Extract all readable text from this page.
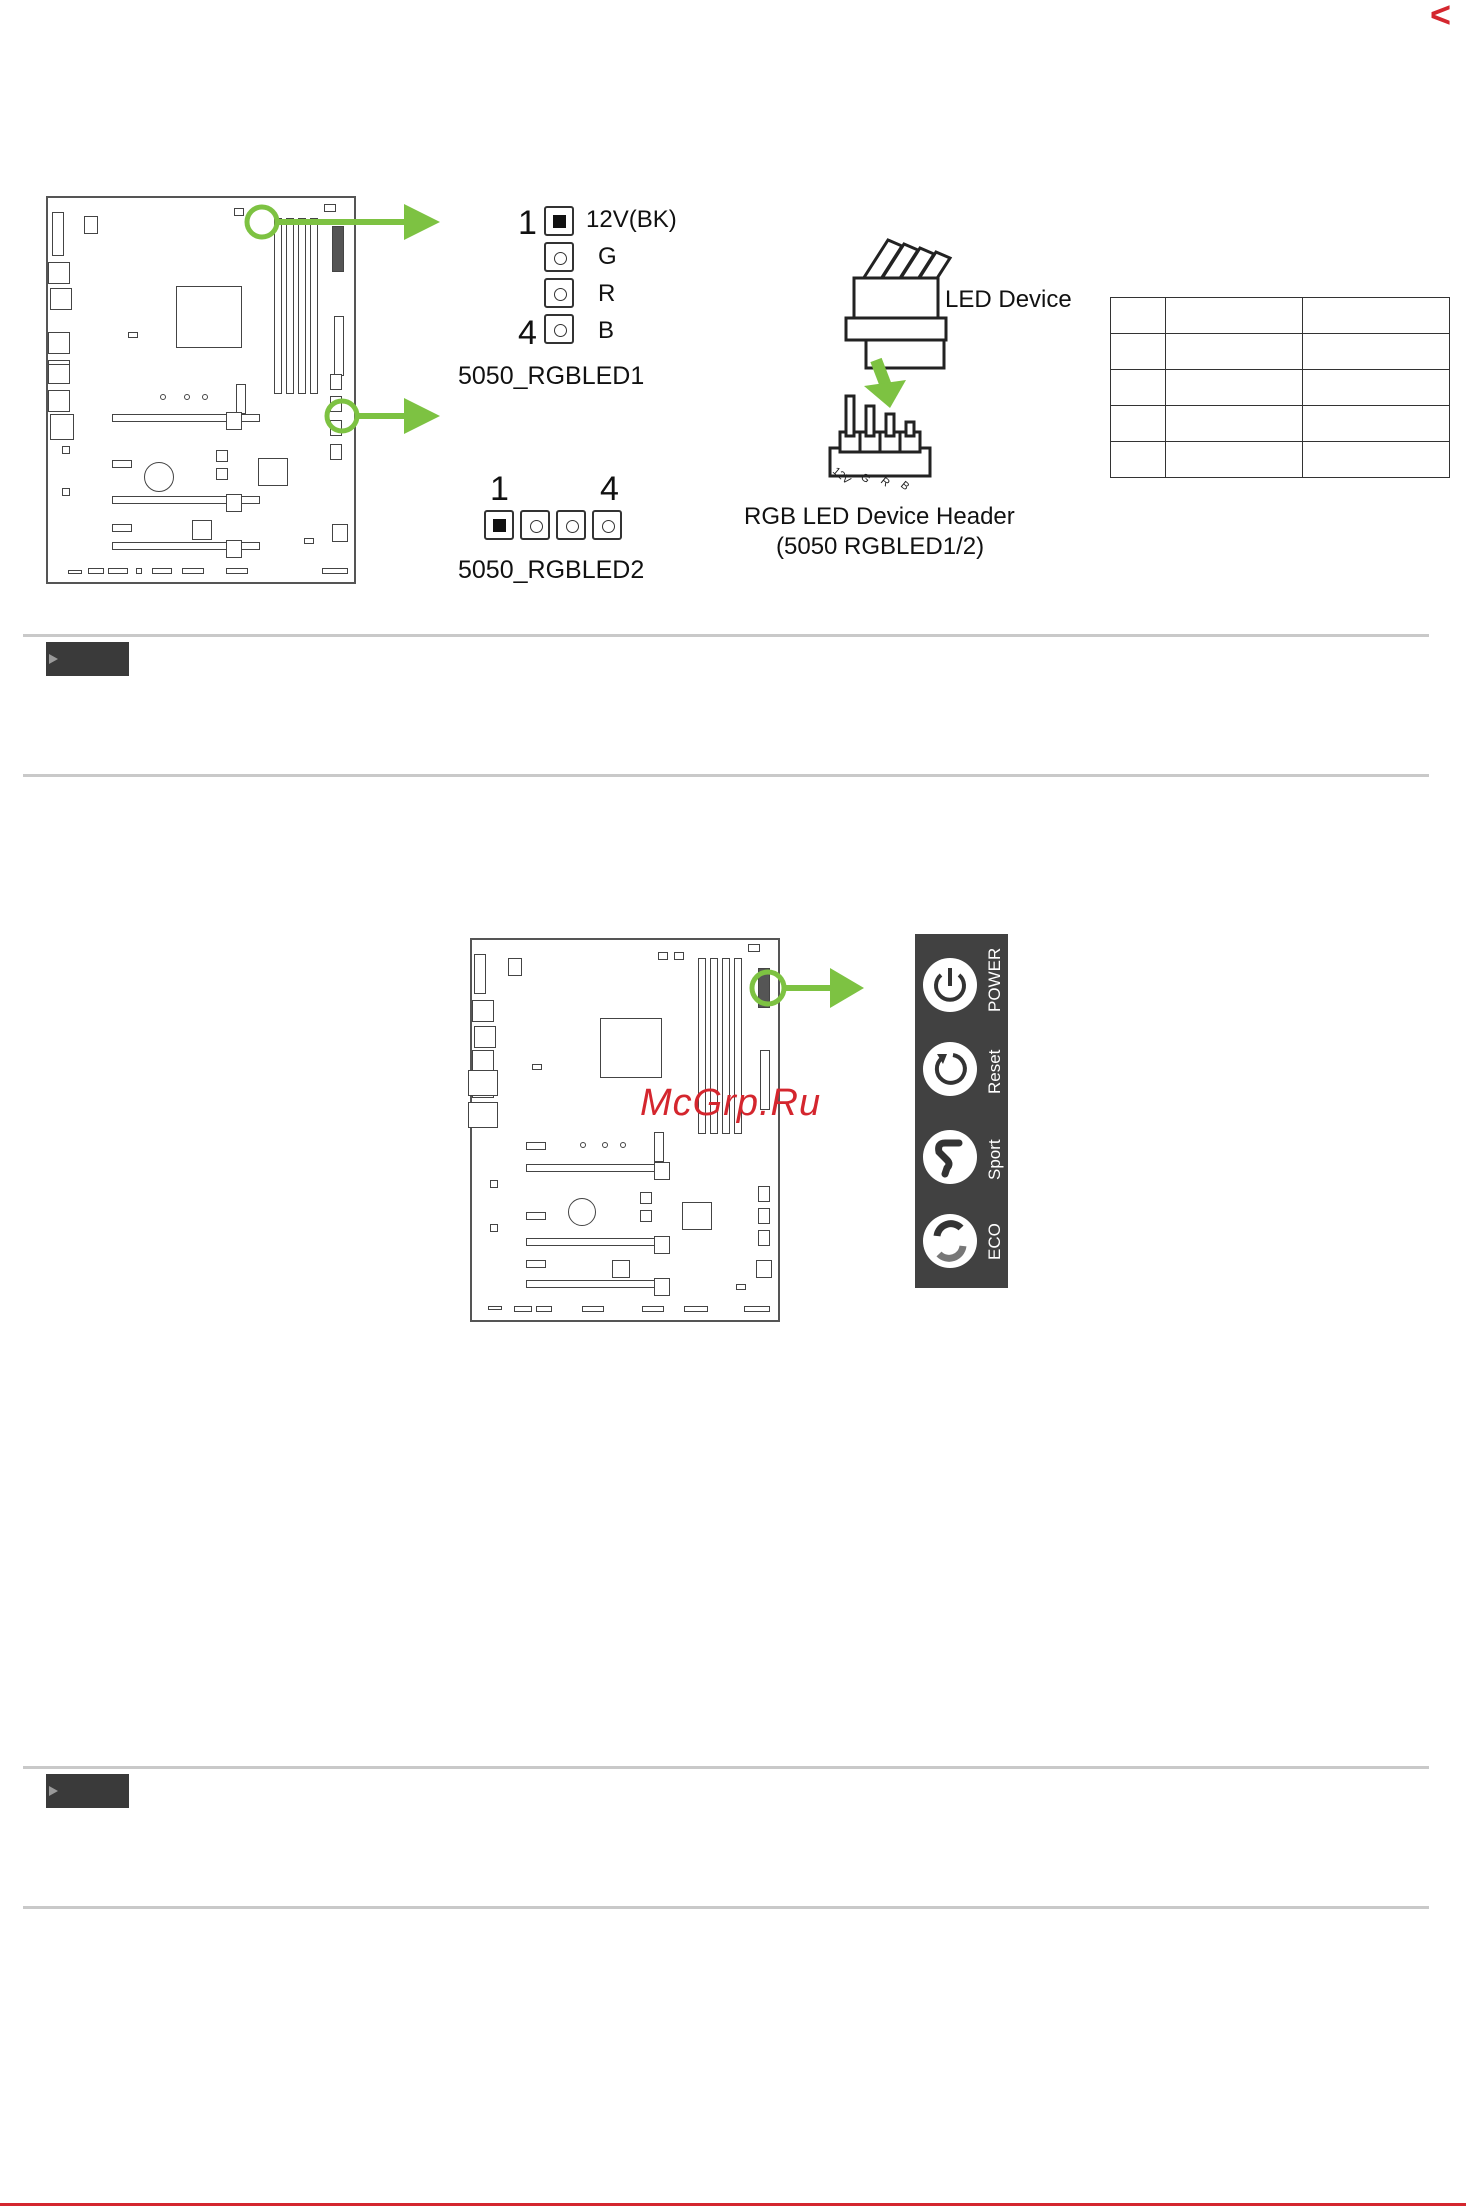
<
1
4
12V(BK)
G
R
B
5050_RGBLED1
1	4
5050_RGBLED2
12V G R B
LED Device
RGB LED Device Header
(5050 RGBLED1/2)

McGrp.Ru
POWER
Reset
Sport
ECO
